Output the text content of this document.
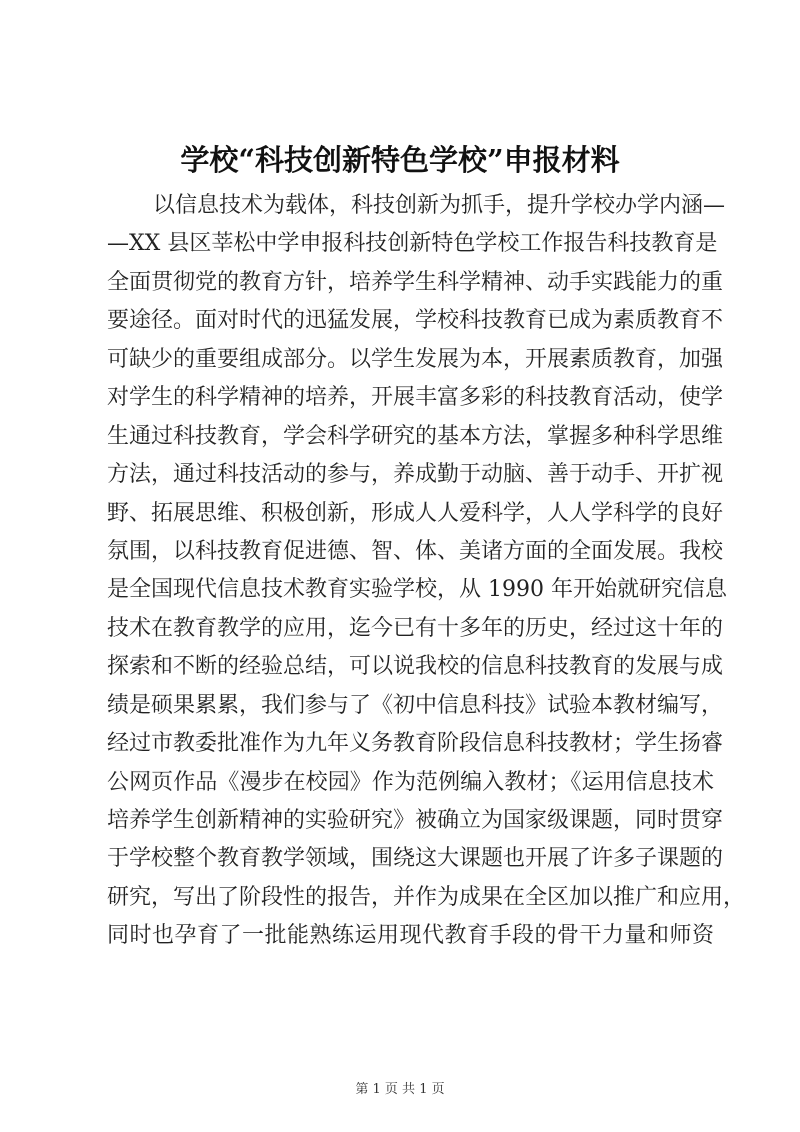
学校“科技创新特色学校”申报材料
以信息技术为载体，科技创新为抓手，提升学校办学内涵—
—XX 县区莘松中学申报科技创新特色学校工作报告科技教育是
全面贯彻党的教育方针，培养学生科学精神、动手实践能力的重
要途径。面对时代的迅猛发展，学校科技教育已成为素质教育不
可缺少的重要组成部分。以学生发展为本，开展素质教育，加强
对学生的科学精神的培养，开展丰富多彩的科技教育活动，使学
生通过科技教育，学会科学研究的基本方法，掌握多种科学思维
方法，通过科技活动的参与，养成勤于动脑、善于动手、开扩视
野、拓展思维、积极创新，形成人人爱科学，人人学科学的良好
氛围，以科技教育促进德、智、体、美诸方面的全面发展。我校
是全国现代信息技术教育实验学校，从 1990 年开始就研究信息
技术在教育教学的应用，迄今已有十多年的历史，经过这十年的
探索和不断的经验总结，可以说我校的信息科技教育的发展与成
绩是硕果累累，我们参与了《初中信息科技》试验本教材编写，
经过市教委批准作为九年义务教育阶段信息科技教材；学生扬睿
公网页作品《漫步在校园》作为范例编入教材；《运用信息技术
培养学生创新精神的实验研究》被确立为国家级课题，同时贯穿
于学校整个教育教学领域，围绕这大课题也开展了许多子课题的
研究，写出了阶段性的报告，并作为成果在全区加以推广和应用，
同时也孕育了一批能熟练运用现代教育手段的骨干力量和师资
第 1 页 共 1 页
